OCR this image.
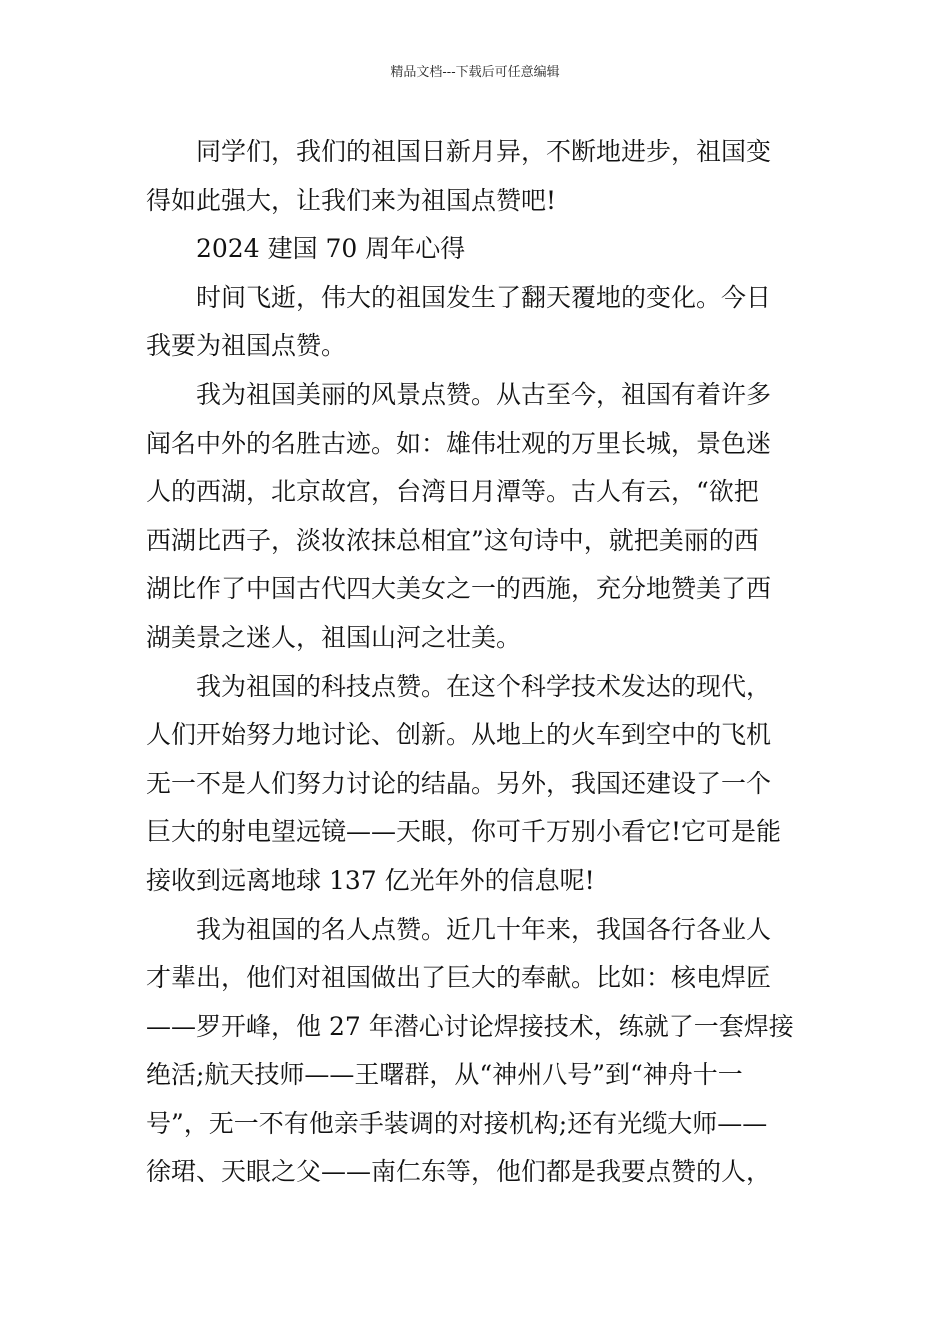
精品文档---下载后可任意编辑
同学们，我们的祖国日新月异，不断地进步，祖国变
得如此强大，让我们来为祖国点赞吧!
2024 建国 70 周年心得
时间飞逝，伟大的祖国发生了翻天覆地的变化。今日
我要为祖国点赞。
我为祖国美丽的风景点赞。从古至今，祖国有着许多
闻名中外的名胜古迹。如：雄伟壮观的万里长城，景色迷
人的西湖，北京故宫，台湾日月潭等。古人有云，“欲把
西湖比西子，淡妆浓抹总相宜”这句诗中，就把美丽的西
湖比作了中国古代四大美女之一的西施，充分地赞美了西
湖美景之迷人，祖国山河之壮美。
我为祖国的科技点赞。在这个科学技术发达的现代，
人们开始努力地讨论、创新。从地上的火车到空中的飞机
无一不是人们努力讨论的结晶。另外，我国还建设了一个
巨大的射电望远镜——天眼，你可千万别小看它!它可是能
接收到远离地球 137 亿光年外的信息呢!
我为祖国的名人点赞。近几十年来，我国各行各业人
才辈出，他们对祖国做出了巨大的奉献。比如：核电焊匠
——罗开峰，他 27 年潜心讨论焊接技术，练就了一套焊接
绝活;航天技师——王曙群，从“神州八号”到“神舟十一
号”，无一不有他亲手装调的对接机构;还有光缆大师——
徐珺、天眼之父——南仁东等，他们都是我要点赞的人，
